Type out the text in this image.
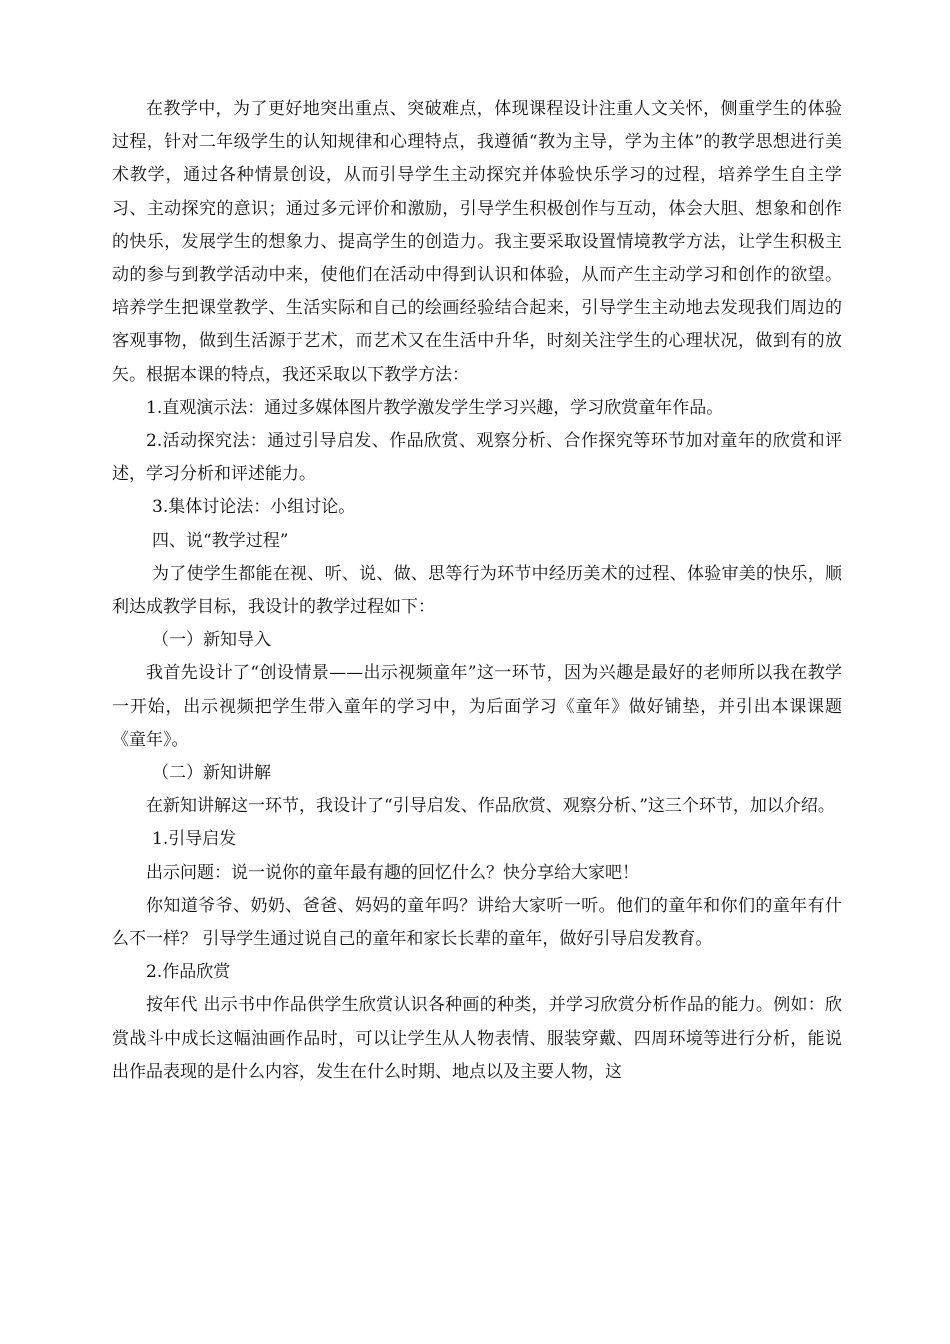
在教学中，为了更好地突出重点、突破难点，体现课程设计注重人文关怀，侧重学生的体验过程，针对二年级学生的认知规律和心理特点，我遵循“教为主导，学为主体”的教学思想进行美术教学，通过各种情景创设，从而引导学生主动探究并体验快乐学习的过程，培养学生自主学习、主动探究的意识；通过多元评价和激励，引导学生积极创作与互动，体会大胆、想象和创作的快乐，发展学生的想象力、提高学生的创造力。我主要采取设置情境教学方法，让学生积极主动的参与到教学活动中来，使他们在活动中得到认识和体验，从而产生主动学习和创作的欲望。培养学生把课堂教学、生活实际和自己的绘画经验结合起来，引导学生主动地去发现我们周边的客观事物，做到生活源于艺术，而艺术又在生活中升华，时刻关注学生的心理状况，做到有的放矢。根据本课的特点，我还采取以下教学方法：

1.直观演示法：通过多媒体图片教学激发学生学习兴趣，学习欣赏童年作品。

2.活动探究法：通过引导启发、作品欣赏、观察分析、合作探究等环节加对童年的欣赏和评述，学习分析和评述能力。

3.集体讨论法：小组讨论。

四、说“教学过程”

为了使学生都能在视、听、说、做、思等行为环节中经历美术的过程、体验审美的快乐，顺利达成教学目标，我设计的教学过程如下：

（一）新知导入

我首先设计了“创设情景——出示视频童年”这一环节，因为兴趣是最好的老师所以我在教学一开始，出示视频把学生带入童年的学习中，为后面学习《童年》做好铺垫，并引出本课课题《童年》。

（二）新知讲解

在新知讲解这一环节，我设计了“引导启发、作品欣赏、观察分析、”这三个环节，加以介绍。

1.引导启发

出示问题：说一说你的童年最有趣的回忆什么？快分享给大家吧！

你知道爷爷、奶奶、爸爸、妈妈的童年吗？讲给大家听一听。他们的童年和你们的童年有什么不一样？ 引导学生通过说自己的童年和家长长辈的童年，做好引导启发教育。

2.作品欣赏

按年代 出示书中作品供学生欣赏认识各种画的种类，并学习欣赏分析作品的能力。例如：欣赏战斗中成长这幅油画作品时，可以让学生从人物表情、服装穿戴、四周环境等进行分析，能说出作品表现的是什么内容，发生在什么时期、地点以及主要人物，这
